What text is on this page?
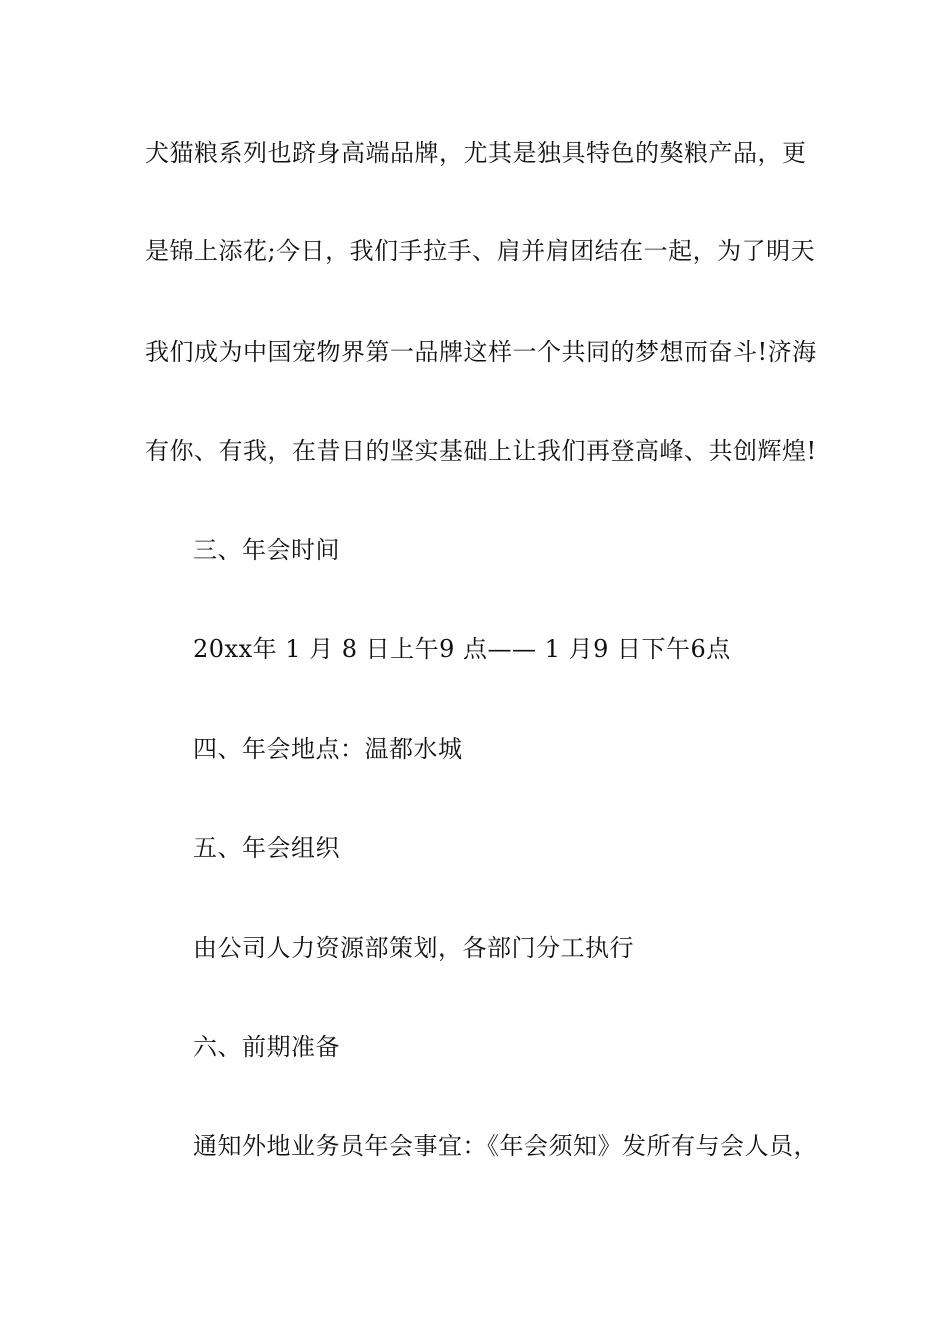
犬猫粮系列也跻身高端品牌，尤其是独具特色的獒粮产品，更
是锦上添花;今日，我们手拉手、肩并肩团结在一起，为了明天
我们成为中国宠物界第一品牌这样一个共同的梦想而奋斗!济海
有你、有我，在昔日的坚实基础上让我们再登高峰、共创辉煌!
三、年会时间
20xx年 1 月 8 日上午9 点—— 1 月9 日下午6点
四、年会地点：温都水城
五、年会组织
由公司人力资源部策划，各部门分工执行
六、前期准备
通知外地业务员年会事宜：《年会须知》发所有与会人员，
